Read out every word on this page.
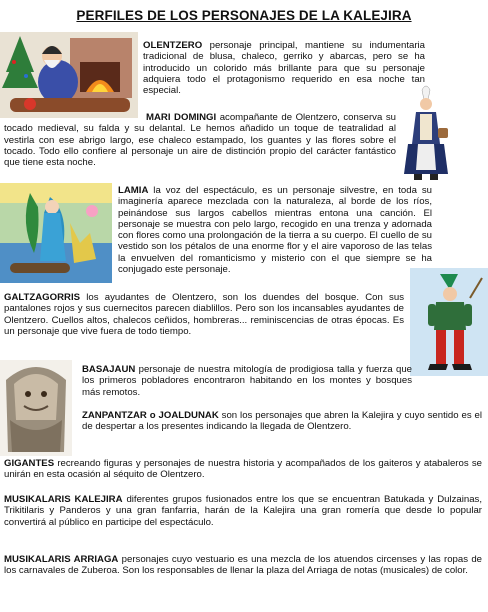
PERFILES DE LOS PERSONAJES DE LA KALEJIRA
OLENTZERO personaje principal, mantiene su indumentaria tradicional de blusa, chaleco, gerriko y abarcas, pero se ha introducido un colorido más brillante para que su personaje adquiera todo el protagonismo requerido en esa noche tan especial.
MARI DOMINGI acompañante de Olentzero, conserva su tocado medieval, su falda y su delantal. Le hemos añadido un toque de teatralidad al vestirla con ese abrigo largo, ese chaleco estampado, los guantes y las flores sobre el tocado. Todo ello confiere al personaje un aire de distinción propio del carácter fantástico que tiene esta noche.
LAMIA la voz del espectáculo, es un personaje silvestre, en toda su imaginería aparece mezclada con la naturaleza, al borde de los ríos, peinándose sus largos cabellos mientras entona una canción. El personaje se muestra con pelo largo, recogido en una trenza y adornada con flores como una prolongación de la tierra a su cuerpo. El cuello de su vestido son los pétalos de una enorme flor y el aire vaporoso de las telas la envuelven del romanticismo y misterio con el que siempre se ha conjugado este personaje.
GALTZAGORRIS los ayudantes de Olentzero, son los duendes del bosque. Con sus pantalones rojos y sus cuernecitos parecen diablillos. Pero son los incansables ayudantes de Olentzero. Cuellos altos, chalecos ceñidos, hombreras... reminiscencias de otras épocas. Es un personaje que vive fuera de todo tiempo.
BASAJAUN personaje de nuestra mitología de prodigiosa talla y fuerza que los primeros pobladores encontraron habitando en los montes y bosques más remotos.
ZANPANTZAR o JOALDUNAK son los personajes que abren la Kalejira y cuyo sentido es el de despertar a los presentes indicando la llegada de Olentzero.
GIGANTES recreando figuras y personajes de nuestra historia y acompañados de los gaiteros y atabaleros se unirán en esta ocasión al séquito de Olentzero.
MUSIKALARIS KALEJIRA diferentes grupos fusionados entre los que se encuentran Batukada y Dulzainas, Trikitilaris y Panderos y una gran fanfarria, harán de la Kalejira una gran romería que desde lo popular convertirá al público en participe del espectáculo.
MUSIKALARIS ARRIAGA personajes cuyo vestuario es una mezcla de los atuendos circenses y las ropas de los carnavales de Zuberoa. Son los responsables de llenar la plaza del Arriaga de notas (musicales) de color.
